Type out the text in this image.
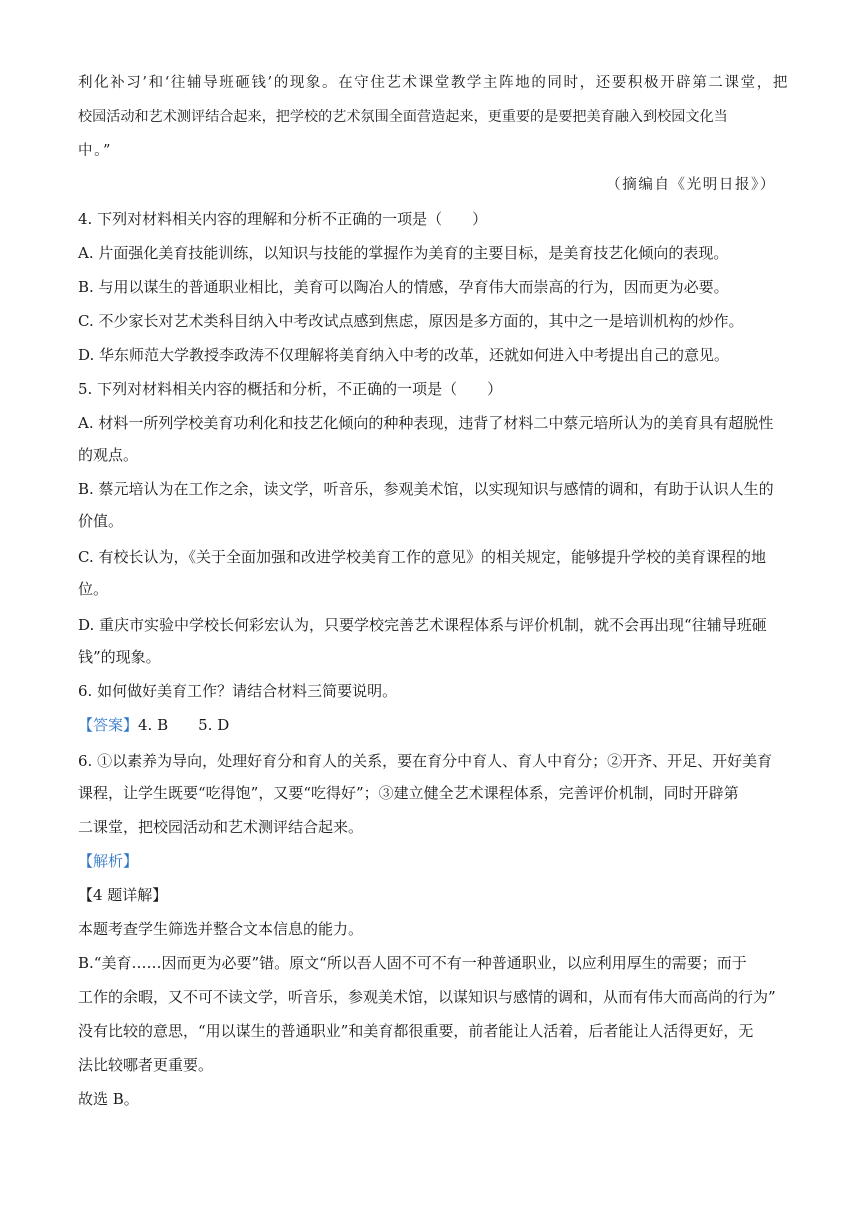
利化补习’和‘往辅导班砸钱’的现象。在守住艺术课堂教学主阵地的同时，还要积极开辟第二课堂，把
校园活动和艺术测评结合起来，把学校的艺术氛围全面营造起来，更重要的是要把美育融入到校园文化当
中。”
（摘编自《光明日报》）
4. 下列对材料相关内容的理解和分析不正确的一项是（　　）
A. 片面强化美育技能训练，以知识与技能的掌握作为美育的主要目标，是美育技艺化倾向的表现。
B. 与用以谋生的普通职业相比，美育可以陶冶人的情感，孕育伟大而崇高的行为，因而更为必要。
C. 不少家长对艺术类科目纳入中考改试点感到焦虑，原因是多方面的，其中之一是培训机构的炒作。
D. 华东师范大学教授李政涛不仅理解将美育纳入中考的改革，还就如何进入中考提出自己的意见。
5. 下列对材料相关内容的概括和分析，不正确的一项是（　　）
A. 材料一所列学校美育功利化和技艺化倾向的种种表现，违背了材料二中蔡元培所认为的美育具有超脱性
的观点。
B. 蔡元培认为在工作之余，读文学，听音乐，参观美术馆，以实现知识与感情的调和，有助于认识人生的
价值。
C. 有校长认为，《关于全面加强和改进学校美育工作的意见》的相关规定，能够提升学校的美育课程的地
位。
D. 重庆市实验中学校长何彩宏认为，只要学校完善艺术课程体系与评价机制，就不会再出现“往辅导班砸
钱”的现象。
6. 如何做好美育工作？请结合材料三简要说明。
【答案】4. B　　5. D
6. ①以素养为导向，处理好育分和育人的关系，要在育分中育人、育人中育分；②开齐、开足、开好美育
课程，让学生既要“吃得饱”，又要“吃得好”；③建立健全艺术课程体系，完善评价机制，同时开辟第
二课堂，把校园活动和艺术测评结合起来。
【解析】
【4 题详解】
本题考查学生筛选并整合文本信息的能力。
B.“美育……因而更为必要”错。原文“所以吾人固不可不有一种普通职业，以应利用厚生的需要；而于
工作的余暇，又不可不读文学，听音乐，参观美术馆，以谋知识与感情的调和，从而有伟大而高尚的行为”
没有比较的意思，“用以谋生的普通职业”和美育都很重要，前者能让人活着，后者能让人活得更好，无
法比较哪者更重要。
故选 B。
